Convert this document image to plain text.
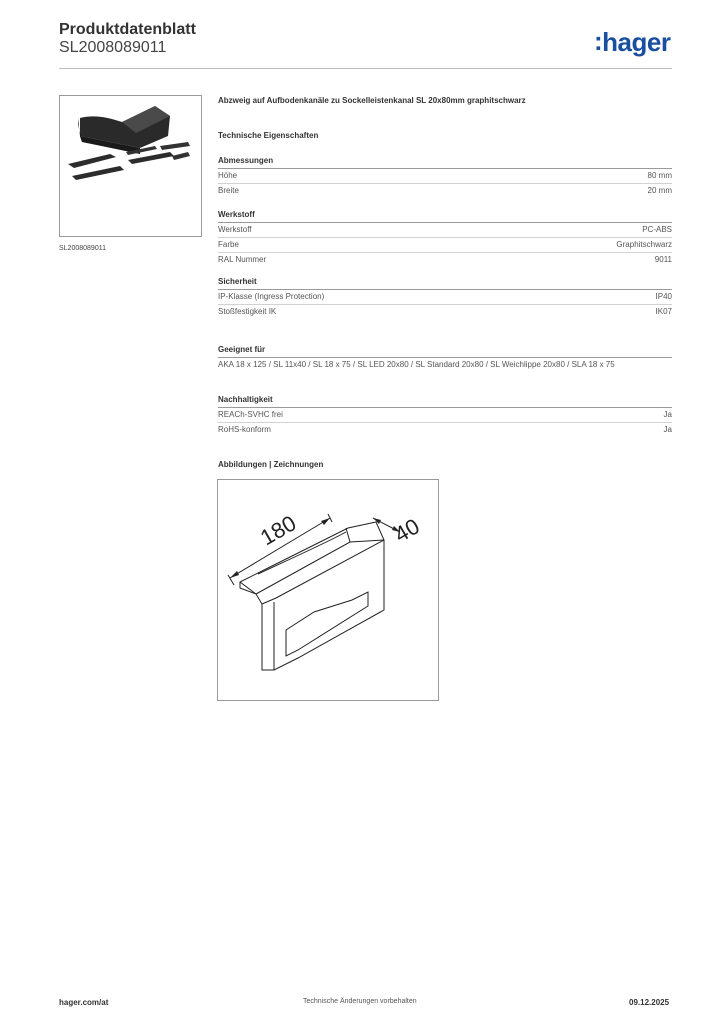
Produktdatenblatt
SL2008089011	:hager
SL2008089011
Abzweig auf Aufbodenkanäle zu Sockelleistenkanal SL 20x80mm graphitschwarz
Technische Eigenschaften
Abmessungen
Höhe	80 mm
Breite	20 mm
Werkstoff
Werkstoff	PC-ABS
Farbe	Graphitschwarz
RAL Nummer	9011
Sicherheit
IP-Klasse (Ingress Protection)	IP40
Stoßfestigkeit IK	IK07
Geeignet für
AKA 18 x 125 / SL 11x40 / SL 18 x 75 / SL LED 20x80 / SL Standard 20x80 / SL Weichlippe 20x80 / SLA 18 x 75
Nachhaltigkeit
REACh-SVHC frei	Ja
RoHS-konform	Ja
Abbildungen | Zeichnungen
180	40
hager.com/at	Technische Änderungen vorbehalten	09.12.2025
